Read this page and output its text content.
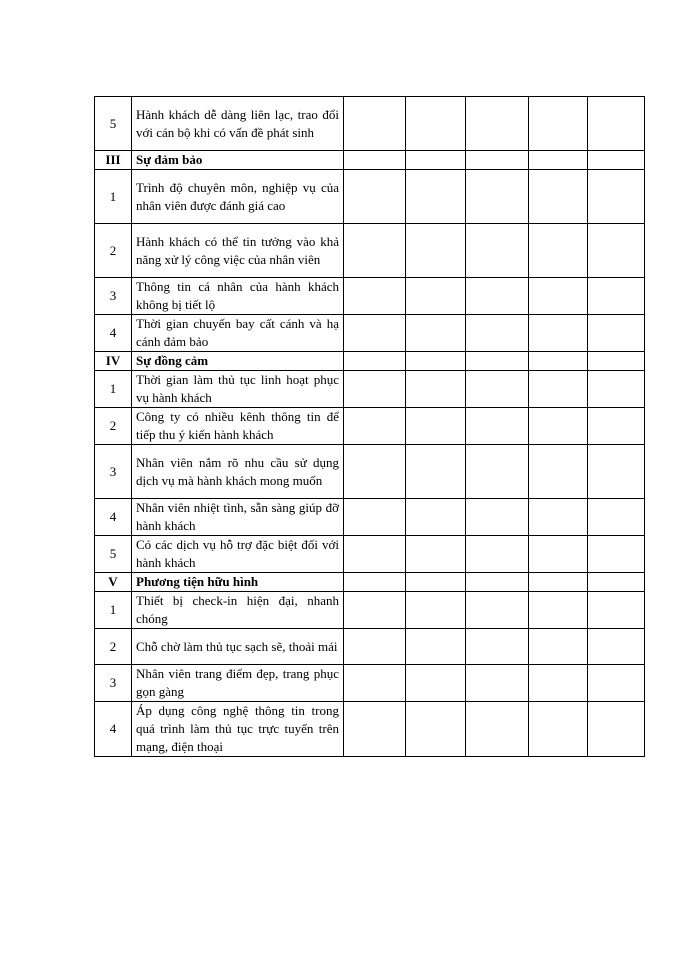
5	Hành khách dễ dàng liên lạc, trao đổi với cán bộ khi có vấn đề phát sinh					
III	Sự đảm bảo					
1	Trình độ chuyên môn, nghiệp vụ của nhân viên được đánh giá cao					
2	Hành khách có thể tin tưởng vào khả năng xử lý công việc của nhân viên					
3	Thông tin cá nhân của hành khách không bị tiết lộ					
4	Thời gian chuyến bay cất cánh và hạ cánh đảm bảo					
IV	Sự đồng cảm					
1	Thời gian làm thủ tục linh hoạt phục vụ hành khách					
2	Công ty có nhiều kênh thông tin để tiếp thu ý kiến hành khách					
3	Nhân viên nắm rõ nhu cầu sử dụng dịch vụ mà hành khách mong muốn					
4	Nhân viên nhiệt tình, sẵn sàng giúp đỡ hành khách					
5	Có các dịch vụ hỗ trợ đặc biệt đối với hành khách					
V	Phương tiện hữu hình					
1	Thiết bị check-in hiện đại, nhanh chóng					
2	Chỗ chờ làm thủ tục sạch sẽ, thoải mái					
3	Nhân viên trang điểm đẹp, trang phục gọn gàng					
4	Áp dụng công nghệ thông tin trong quá trình làm thủ tục trực tuyến trên mạng, điện thoại					
